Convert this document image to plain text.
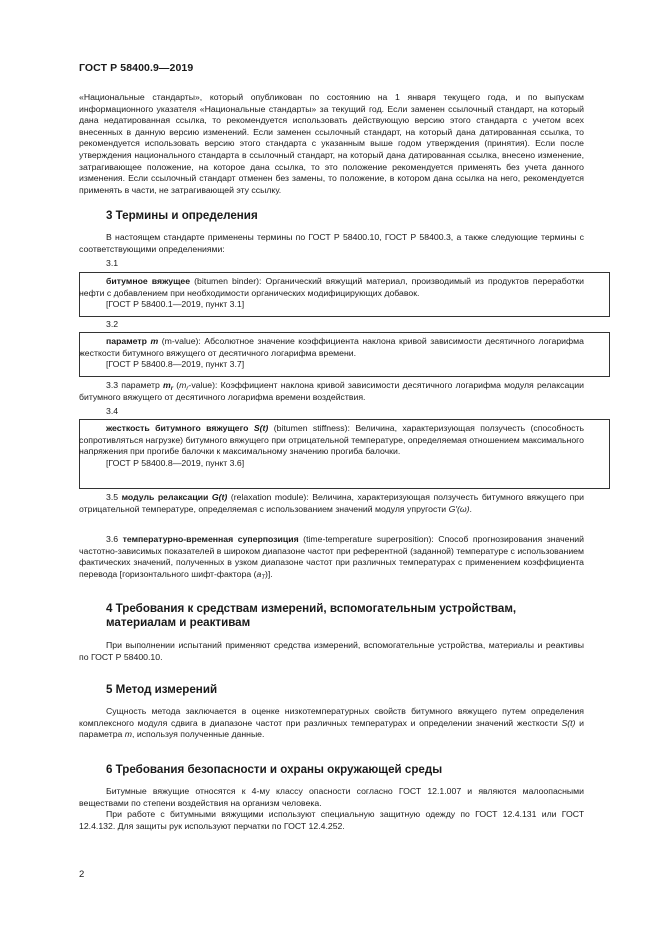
ГОСТ Р 58400.9—2019

«Национальные стандарты», который опубликован по состоянию на 1 января текущего года, и по выпускам информационного указателя «Национальные стандарты» за текущий год. Если заменен ссылочный стандарт, на который дана недатированная ссылка, то рекомендуется использовать действующую версию этого стандарта с учетом всех внесенных в данную версию изменений. Если заменен ссылочный стандарт, на который дана датированная ссылка, то рекомендуется использовать версию этого стандарта с указанным выше годом утверждения (принятия). Если после утверждения национального стандарта в ссылочный стандарт, на который дана датированная ссылка, внесено изменение, затрагивающее положение, на которое дана ссылка, то это положение рекомендуется применять без учета данного изменения. Если ссылочный стандарт отменен без замены, то положение, в котором дана ссылка на него, рекомендуется применять в части, не затрагивающей эту ссылку.

3 Термины и определения

В настоящем стандарте применены термины по ГОСТ Р 58400.10, ГОСТ Р 58400.3, а также следующие термины с соответствующими определениями:

3.1

битумное вяжущее (bitumen binder): Органический вяжущий материал, производимый из продуктов переработки нефти с добавлением при необходимости органических модифицирующих добавок.

[ГОСТ Р 58400.1—2019, пункт 3.1]

3.2

параметр m (m-value): Абсолютное значение коэффициента наклона кривой зависимости десятичного логарифма жесткости битумного вяжущего от десятичного логарифма времени.

[ГОСТ Р 58400.8—2019, пункт 3.7]

3.3 параметр $m_r$ $(m_r-value)$: Коэффициент наклона кривой зависимости десятичного логарифма модуля релаксации битумного вяжущего от десятичного логарифма времени воздействия.

3.4

жесткость битумного вяжущего S(t) (bitumen stiffness): Величина, характеризующая ползучесть (способность сопротивляться нагрузке) битумного вяжущего при отрицательной температуре, определяемая отношением максимального напряжения при прогибе балочки к максимальному значению прогиба балочки.

[ГОСТ Р 58400.8—2019, пункт 3.6]

3.5 модуль релаксации G(t) (relaxation module): Величина, характеризующая ползучесть битумного вяжущего при отрицательной температуре, определяемая с использованием значений модуля упругости G′(ω).

3.6 температурно-временная суперпозиция (time-temperature superposition): Способ прогнозирования значений частотно-зависимых показателей в широком диапазоне частот при референтной (заданной) температуре с использованием фактических значений, полученных в узком диапазоне частот при различных температурах с применением коэффициента перевода [горизонтального шифт-фактора $(a_T)$].

4 Требования к средствам измерений, вспомогательным устройствам, материалам и реактивам

При выполнении испытаний применяют средства измерений, вспомогательные устройства, материалы и реактивы по ГОСТ Р 58400.10.

5 Метод измерений

Сущность метода заключается в оценке низкотемпературных свойств битумного вяжущего путем определения комплексного модуля сдвига в диапазоне частот при различных температурах и определении значений жесткости S(t) и параметра m, используя полученные данные.

6 Требования безопасности и охраны окружающей среды

Битумные вяжущие относятся к 4-му классу опасности согласно ГОСТ 12.1.007 и являются малоопасными веществами по степени воздействия на организм человека.

При работе с битумными вяжущими используют специальную защитную одежду по ГОСТ 12.4.131 или ГОСТ 12.4.132. Для защиты рук используют перчатки по ГОСТ 12.4.252.

2
